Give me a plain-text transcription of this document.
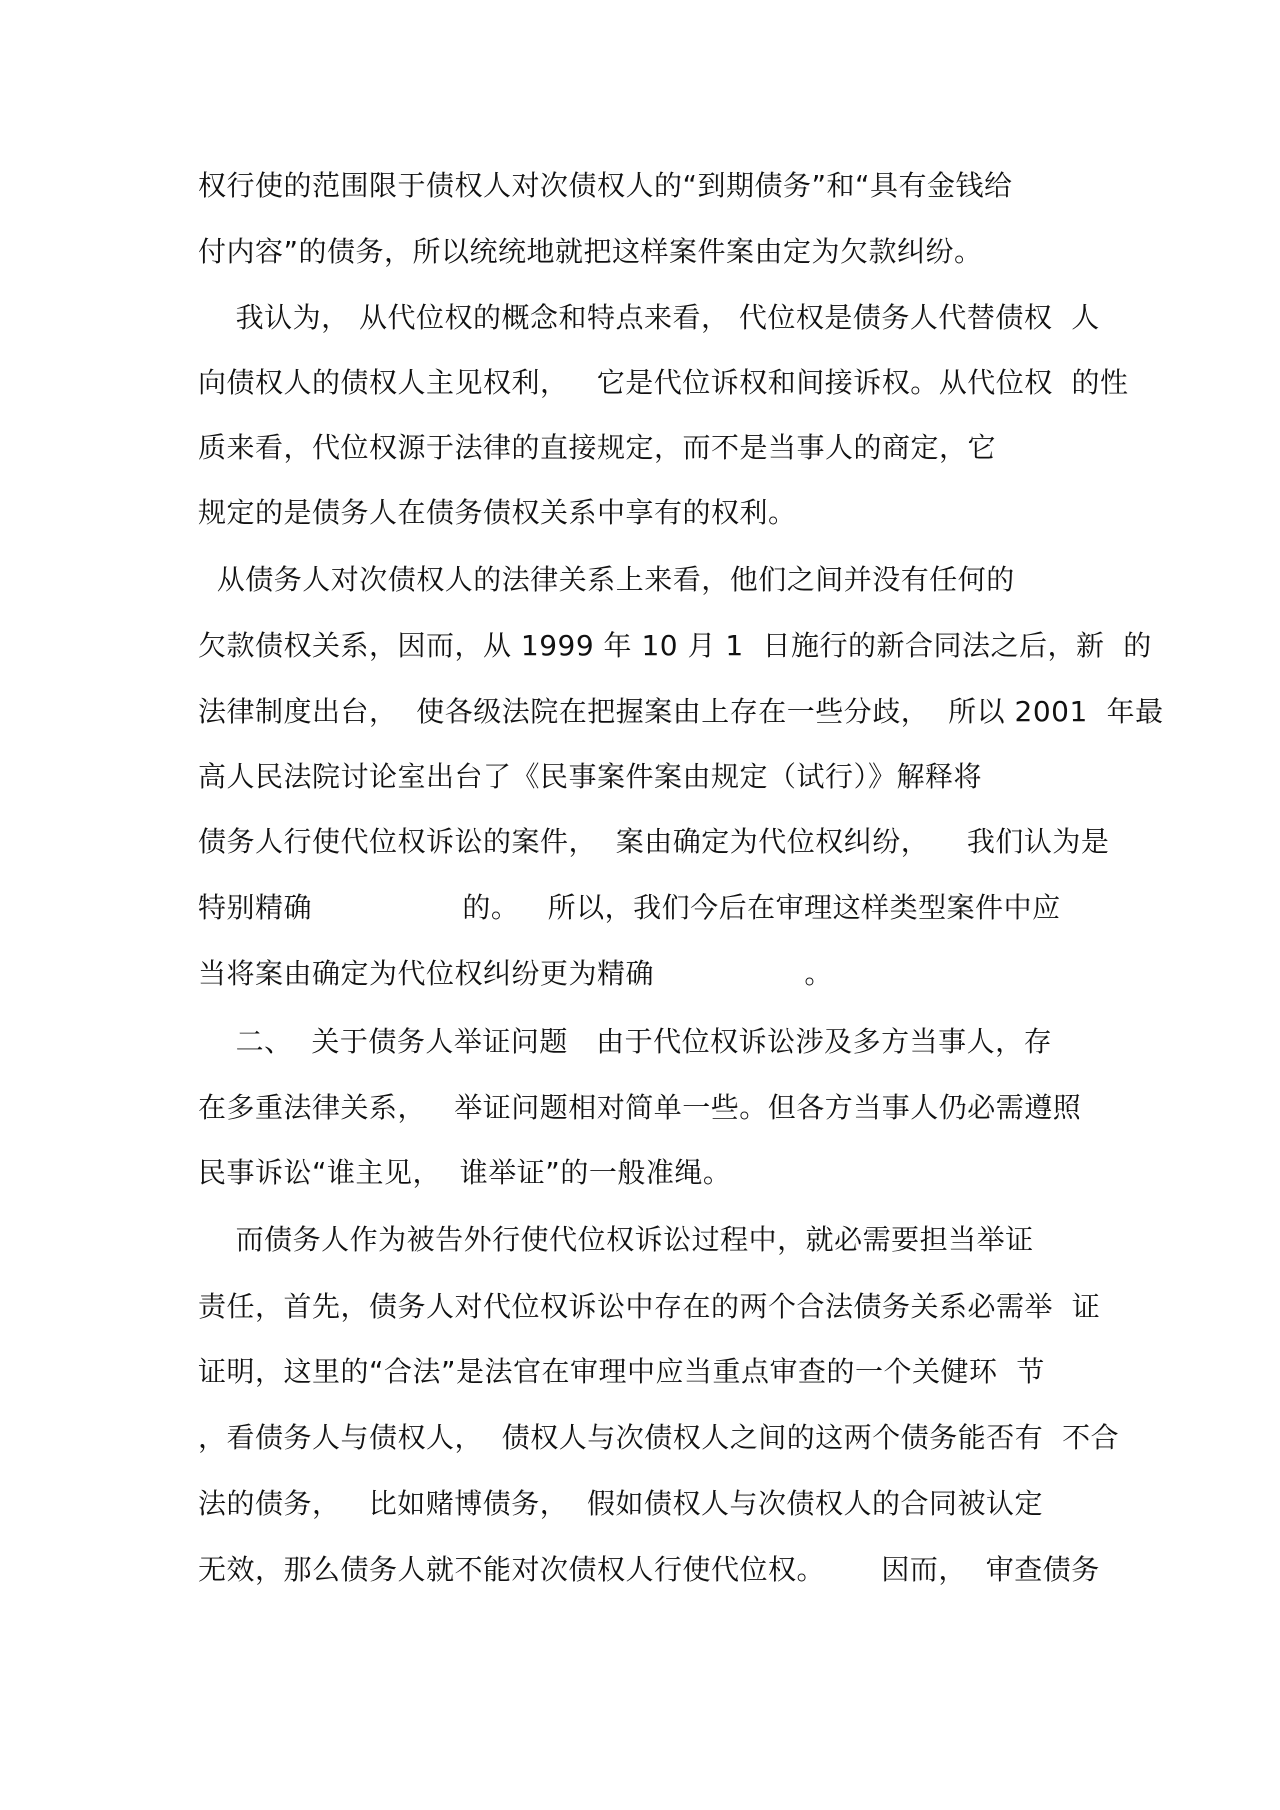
权行使的范围限于债权人对次债权人的“到期债务”和“具有金钱给
付内容”的债务，所以统统地就把这样案件案由定为欠款纠纷。
我认为， 从代位权的概念和特点来看， 代位权是债务人代替债权  人
向债权人的债权人主见权利，   它是代位诉权和间接诉权。从代位权  的性
质来看，代位权源于法律的直接规定，而不是当事人的商定，它
规定的是债务人在债务债权关系中享有的权利。
从债务人对次债权人的法律关系上来看，他们之间并没有任何的
欠款债权关系，因而，从 1999 年 10 月 1  日施行的新合同法之后，新  的
法律制度出台，  使各级法院在把握案由上存在一些分歧，  所以 2001  年最
高人民法院讨论室出台了《民事案件案由规定（试行）》解释将
债务人行使代位权诉讼的案件，  案由确定为代位权纠纷，    我们认为是
特别精确                的。   所以，我们今后在审理这样类型案件中应
当将案由确定为代位权纠纷更为精确                。
二、  关于债务人举证问题   由于代位权诉讼涉及多方当事人，存
在多重法律关系，   举证问题相对简单一些。但各方当事人仍必需遵照
民事诉讼“谁主见，  谁举证”的一般准绳。
而债务人作为被告外行使代位权诉讼过程中，就必需要担当举证
责任，首先，债务人对代位权诉讼中存在的两个合法债务关系必需举  证
证明，这里的“合法”是法官在审理中应当重点审查的一个关健环  节
，看债务人与债权人，  债权人与次债权人之间的这两个债务能否有  不合
法的债务，   比如赌博债务，  假如债权人与次债权人的合同被认定
无效，那么债务人就不能对次债权人行使代位权。      因而，  审查债务
